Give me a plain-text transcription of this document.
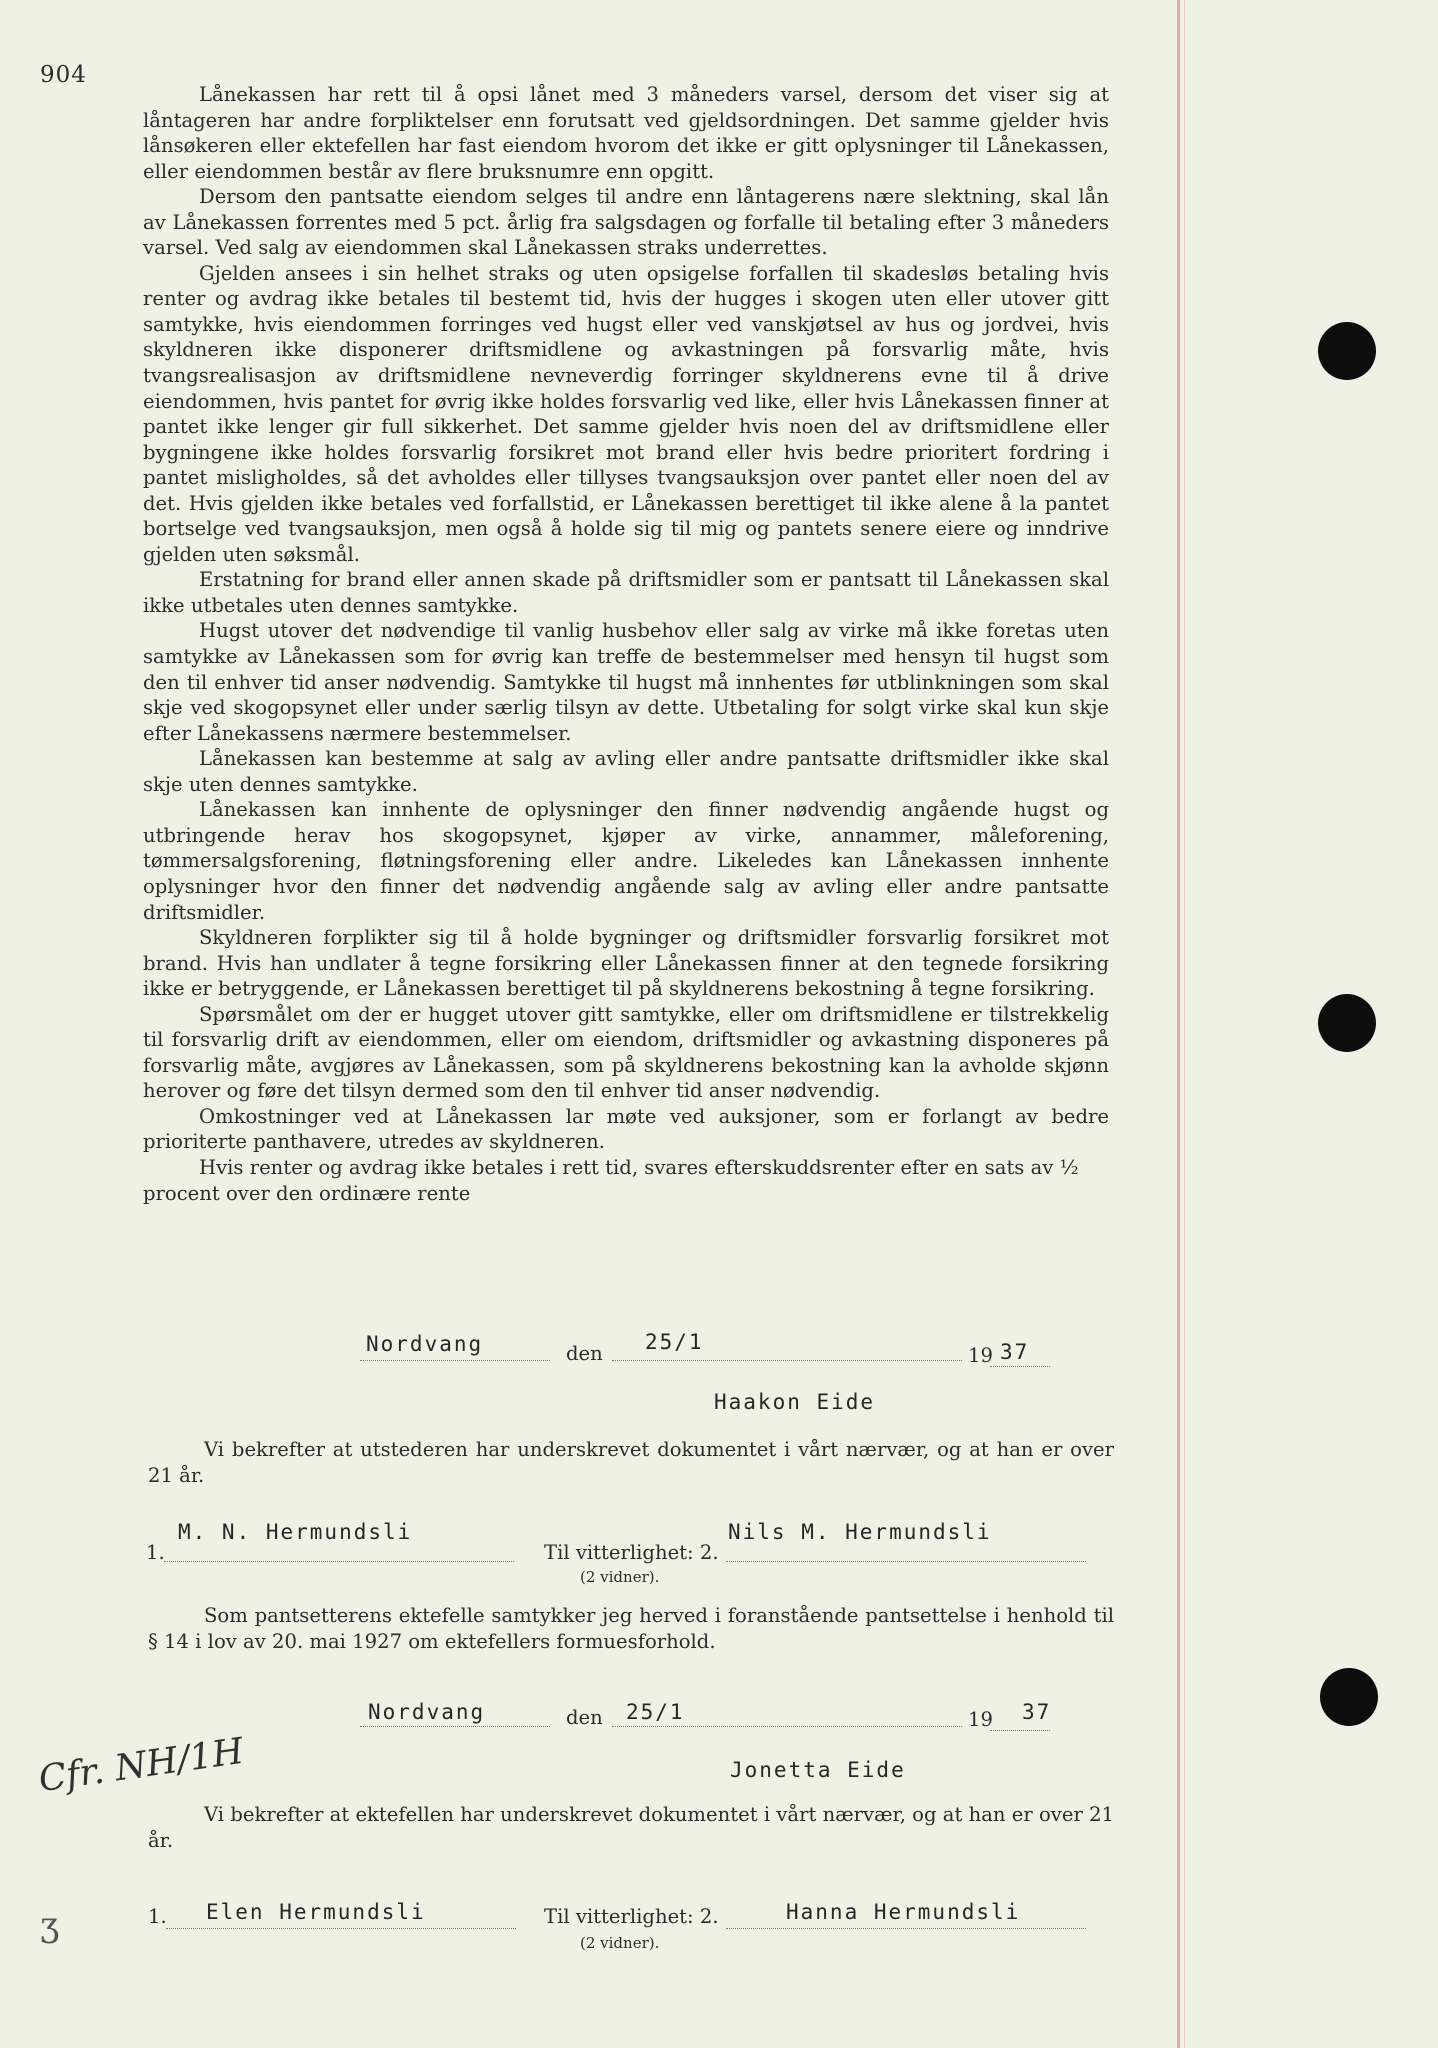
904

Lånekassen har rett til å opsi lånet med 3 måneders varsel, dersom det viser sig at låntageren har andre forpliktelser enn forutsatt ved gjeldsordningen. Det samme gjelder hvis lånsøkeren eller ektefellen har fast eiendom hvorom det ikke er gitt oplysninger til Lånekassen, eller eiendommen består av flere bruksnumre enn opgitt.

Dersom den pantsatte eiendom selges til andre enn låntagerens nære slektning, skal lån av Lånekassen forrentes med 5 pct. årlig fra salgsdagen og forfalle til betaling efter 3 måneders varsel. Ved salg av eiendommen skal Lånekassen straks underrettes.

Gjelden ansees i sin helhet straks og uten opsigelse forfallen til skadesløs betaling hvis renter og avdrag ikke betales til bestemt tid, hvis der hugges i skogen uten eller utover gitt samtykke, hvis eiendommen forringes ved hugst eller ved vanskjøtsel av hus og jordvei, hvis skyldneren ikke disponerer driftsmidlene og avkastningen på forsvarlig måte, hvis tvangsrealisasjon av driftsmidlene nevneverdig forringer skyldnerens evne til å drive eiendommen, hvis pantet for øvrig ikke holdes forsvarlig ved like, eller hvis Lånekassen finner at pantet ikke lenger gir full sikkerhet. Det samme gjelder hvis noen del av driftsmidlene eller bygningene ikke holdes forsvarlig forsikret mot brand eller hvis bedre prioritert fordring i pantet misligholdes, så det avholdes eller tillyses tvangsauksjon over pantet eller noen del av det. Hvis gjelden ikke betales ved forfallstid, er Lånekassen berettiget til ikke alene å la pantet bortselge ved tvangsauksjon, men også å holde sig til mig og pantets senere eiere og inndrive gjelden uten søksmål.

Erstatning for brand eller annen skade på driftsmidler som er pantsatt til Lånekassen skal ikke utbetales uten dennes samtykke.

Hugst utover det nødvendige til vanlig husbehov eller salg av virke må ikke foretas uten samtykke av Lånekassen som for øvrig kan treffe de bestemmelser med hensyn til hugst som den til enhver tid anser nødvendig. Samtykke til hugst må innhentes før utblinkningen som skal skje ved skogopsynet eller under særlig tilsyn av dette. Utbetaling for solgt virke skal kun skje efter Lånekassens nærmere bestemmelser.

Lånekassen kan bestemme at salg av avling eller andre pantsatte driftsmidler ikke skal skje uten dennes samtykke.

Lånekassen kan innhente de oplysninger den finner nødvendig angående hugst og utbringende herav hos skogopsynet, kjøper av virke, annammer, måleforening, tømmersalgsforening, fløtningsforening eller andre. Likeledes kan Lånekassen innhente oplysninger hvor den finner det nødvendig angående salg av avling eller andre pantsatte driftsmidler.

Skyldneren forplikter sig til å holde bygninger og driftsmidler forsvarlig forsikret mot brand. Hvis han undlater å tegne forsikring eller Lånekassen finner at den tegnede forsikring ikke er betryggende, er Lånekassen berettiget til på skyldnerens bekostning å tegne forsikring.

Spørsmålet om der er hugget utover gitt samtykke, eller om driftsmidlene er tilstrekkelig til forsvarlig drift av eiendommen, eller om eiendom, driftsmidler og avkastning disponeres på forsvarlig måte, avgjøres av Lånekassen, som på skyldnerens bekostning kan la avholde skjønn herover og føre det tilsyn dermed som den til enhver tid anser nødvendig.

Omkostninger ved at Lånekassen lar møte ved auksjoner, som er forlangt av bedre prioriterte panthavere, utredes av skyldneren.

Hvis renter og avdrag ikke betales i rett tid, svares efterskuddsrenter efter en sats av ½ procent over den ordinære rente

Nordvang	den 25/1
19 37
Haakon Eide

Vi bekrefter at utstederen har underskrevet dokumentet i vårt nærvær, og at han er over 21 år.

1.
M. N. Hermundsli
Til vitterlighet: 2.
Nils M. Hermundsli
(2 vidner).

Som pantsetterens ektefelle samtykker jeg herved i foranstående pantsettelse i henhold til § 14 i lov av 20. mai 1927 om ektefellers formuesforhold.

Nordvang	den 25/1	19 37
Jonetta Eide
Cfr. NH/1H

Vi bekrefter at ektefellen har underskrevet dokumentet i vårt nærvær, og at han er over 21 år.

ʒ	1. Elen Hermundsli	Til vitterlighet: 2.	Hanna Hermundsli
(2 vidner).
